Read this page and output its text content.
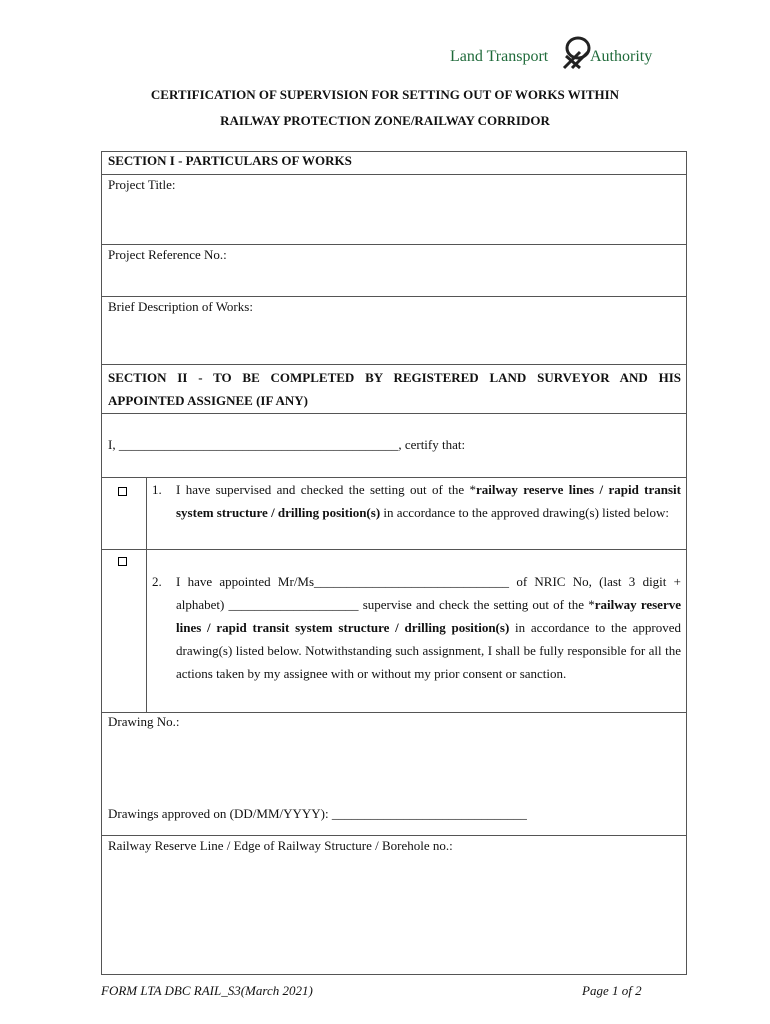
Land Transport	Authority
CERTIFICATION OF SUPERVISION FOR SETTING OUT OF WORKS WITHIN
RAILWAY PROTECTION ZONE/RAILWAY CORRIDOR
SECTION I - PARTICULARS OF WORKS
Project Title:
Project Reference No.:
Brief Description of Works:
SECTION II - TO BE COMPLETED BY REGISTERED LAND SURVEYOR AND HIS
APPOINTED ASSIGNEE (IF ANY)
I, ___________________________________________, certify that:
1. I have supervised and checked the setting out of the *railway reserve lines / rapid transit system structure / drilling position(s) in accordance to the approved drawing(s) listed below:
2. I have appointed Mr/Ms______________________________ of NRIC No, (last 3 digit + alphabet) ____________________ supervise and check the setting out of the *railway reserve lines / rapid transit system structure / drilling position(s) in accordance to the approved drawing(s) listed below. Notwithstanding such assignment, I shall be fully responsible for all the actions taken by my assignee with or without my prior consent or sanction.
Drawing No.:
Drawings approved on (DD/MM/YYYY): ______________________________
Railway Reserve Line / Edge of Railway Structure / Borehole no.:
FORM LTA DBC RAIL_S3(March 2021)	Page 1 of 2
